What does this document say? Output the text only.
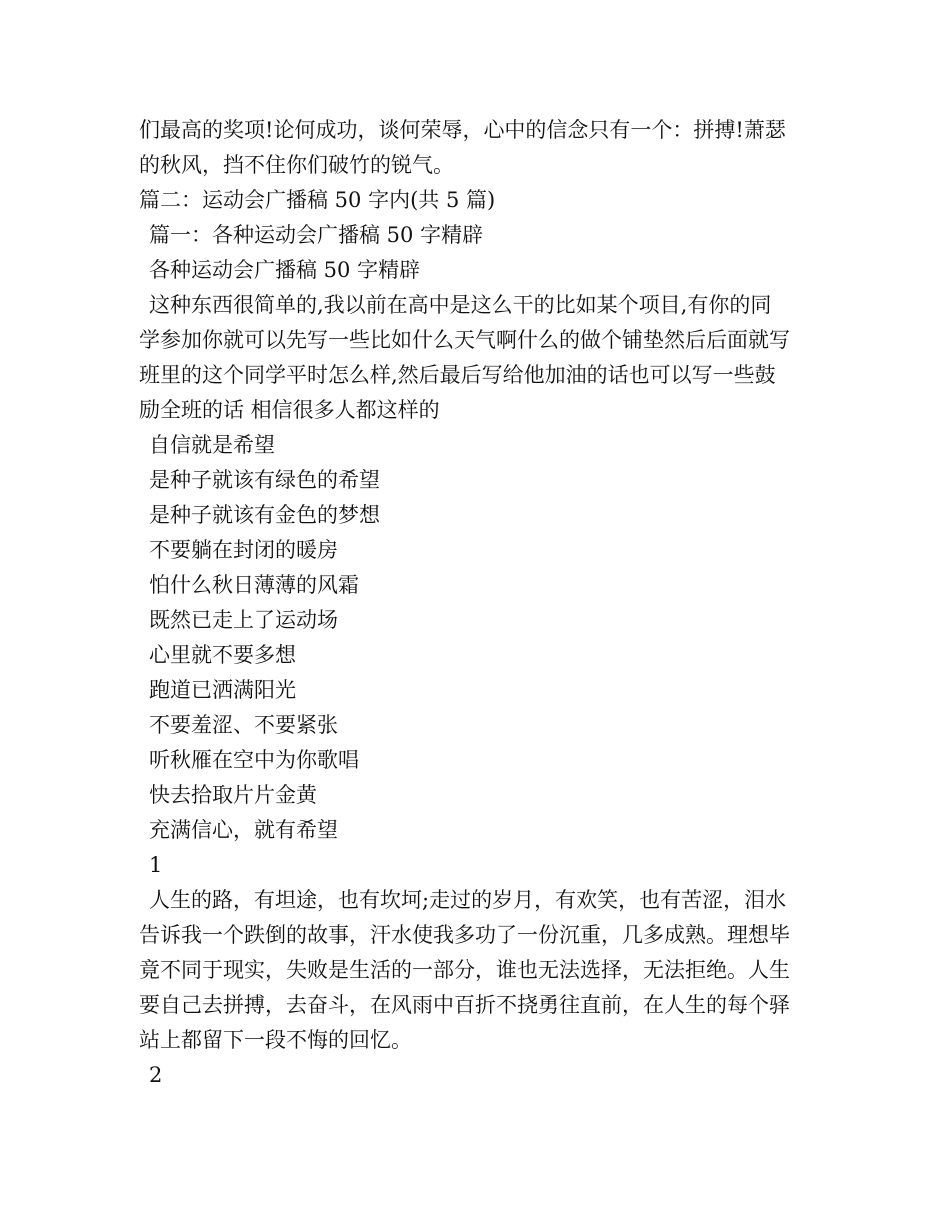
们最高的奖项!论何成功，谈何荣辱，心中的信念只有一个：拼搏!萧瑟
的秋风，挡不住你们破竹的锐气。
篇二：运动会广播稿 50 字内(共 5 篇)
篇一：各种运动会广播稿 50 字精辟
各种运动会广播稿 50 字精辟
这种东西很简单的,我以前在高中是这么干的比如某个项目,有你的同
学参加你就可以先写一些比如什么天气啊什么的做个铺垫然后后面就写
班里的这个同学平时怎么样,然后最后写给他加油的话也可以写一些鼓
励全班的话 相信很多人都这样的
自信就是希望
是种子就该有绿色的希望
是种子就该有金色的梦想
不要躺在封闭的暖房
怕什么秋日薄薄的风霜
既然已走上了运动场
心里就不要多想
跑道已洒满阳光
不要羞涩、不要紧张
听秋雁在空中为你歌唱
快去拾取片片金黄
充满信心，就有希望
1
人生的路，有坦途，也有坎坷;走过的岁月，有欢笑，也有苦涩，泪水
告诉我一个跌倒的故事，汗水使我多功了一份沉重，几多成熟。理想毕
竟不同于现实，失败是生活的一部分，谁也无法选择，无法拒绝。人生
要自己去拼搏，去奋斗，在风雨中百折不挠勇往直前，在人生的每个驿
站上都留下一段不悔的回忆。
2
